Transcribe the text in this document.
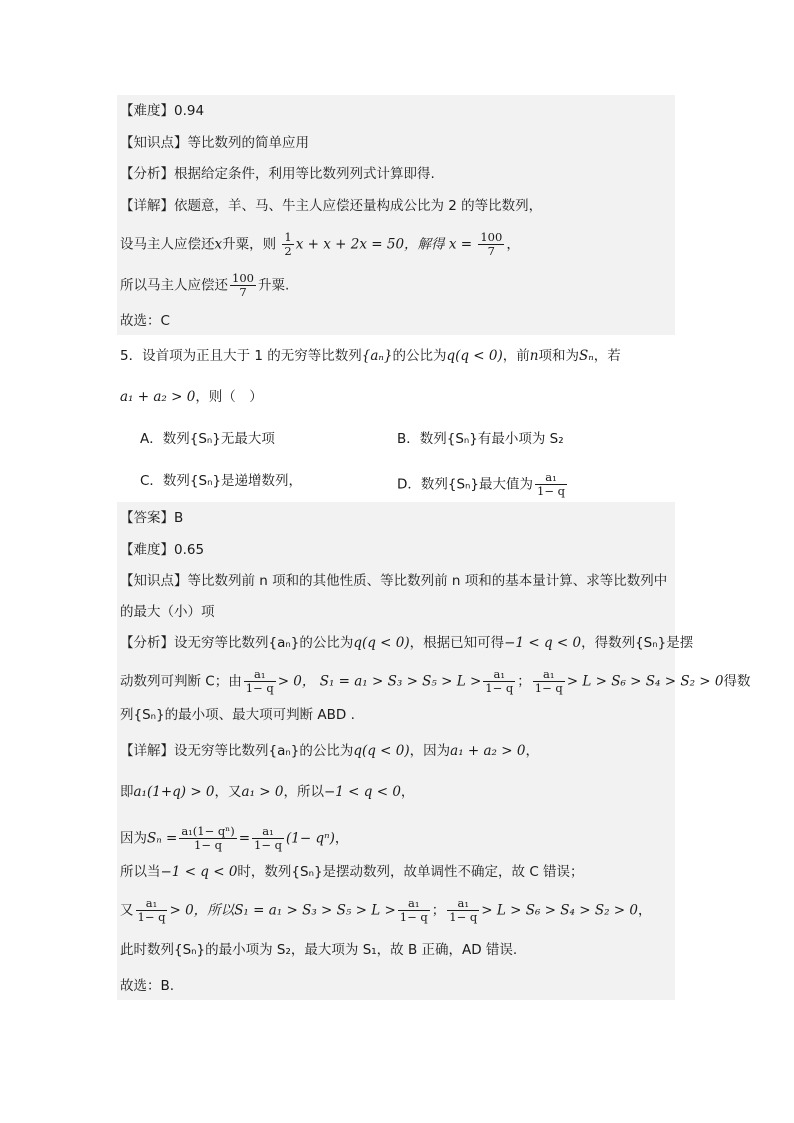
【难度】0.94
【知识点】等比数列的简单应用
【分析】根据给定条件，利用等比数列列式计算即得.
【详解】依题意，羊、马、牛主人应偿还量构成公比为 2 的等比数列，
设马主人应偿还x升粟，则 $\frac{1}{2}$ x + x + 2x = 50，解得 $x = \frac{100}{7}$ ，
所以马主人应偿还 $\frac{100}{7}$ 升粟.
故选：C
5．设首项为正且大于 1 的无穷等比数列{aₙ}的公比为q(q < 0)，前n项和为Sₙ，若
a₁ + a₂ > 0，则（　）
A．数列{Sₙ}无最大项	B．数列{Sₙ}有最小项为 S₂
C．数列{Sₙ}是递增数列，	D．数列{Sₙ}最大值为 $\frac{\text{a₁}}{1- q}$
【答案】B
【难度】0.65
【知识点】等比数列前 n 项和的其他性质、等比数列前 n 项和的基本量计算、求等比数列中
的最大（小）项
【分析】设无穷等比数列{aₙ}的公比为q(q < 0)，根据已知可得−1 < q < 0，得数列{Sₙ}是摆
动数列可判断 C；由 $\frac{\text{a₁}}{1- q} > 0$， $S_1 = a_1 > S_3 > S_5 > L > \frac{\text{a₁}}{1- q}$ ； $\frac{\text{a₁}}{1- q} > L > S_6 > S_4 > S_2 > 0$得数
列{Sₙ}的最小项、最大项可判断 ABD .
【详解】设无穷等比数列{aₙ}的公比为q(q < 0)，因为a₁ + a₂ > 0，
即a₁(1+q) > 0，又a₁ > 0，所以−1 < q < 0，
因为$S_n = \frac{\text{a₁(1− qⁿ)}}{1- q} = \frac{\text{a₁}}{1- q} (1- q^n)$，
所以当−1 < q < 0时，数列{Sₙ}是摆动数列，故单调性不确定，故 C 错误；
又 $\frac{\text{a₁}}{1- q} > 0$，所以$S_1 = a_1 > S_3 > S_5 > L > \frac{\text{a₁}}{1- q}$ ； $\frac{\text{a₁}}{1- q} > L > S_6 > S_4 > S_2 > 0$，
此时数列{Sₙ}的最小项为 S₂，最大项为 S₁，故 B 正确，AD 错误.
故选：B.
